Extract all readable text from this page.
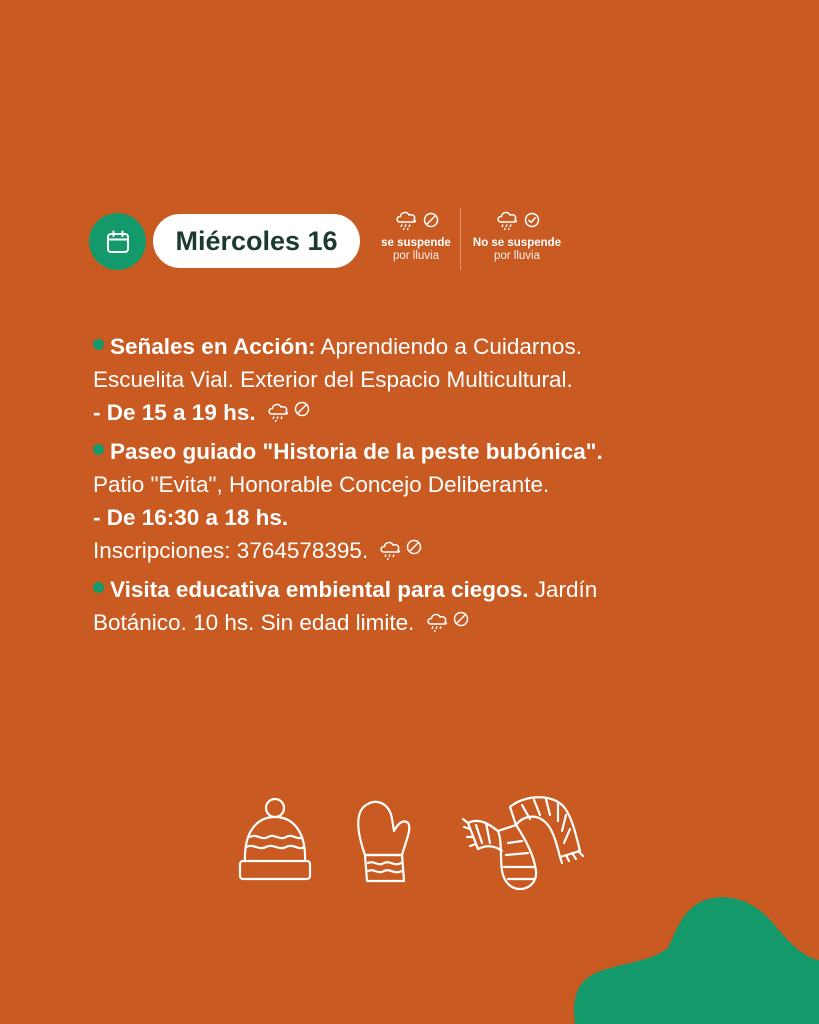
Miércoles 16	se suspende
por lluvia
No se suspende
por lluvia
Señales en Acción: Aprendiendo a Cuidarnos.
Escuelita Vial. Exterior del Espacio Multicultural.
- De 15 a 19 hs.
Paseo guiado "Historia de la peste bubónica".
Patio "Evita", Honorable Concejo Deliberante.
- De 16:30 a 18 hs.
Inscripciones: 3764578395.
Visita educativa embiental para ciegos. Jardín
Botánico. 10 hs. Sin edad limite.
